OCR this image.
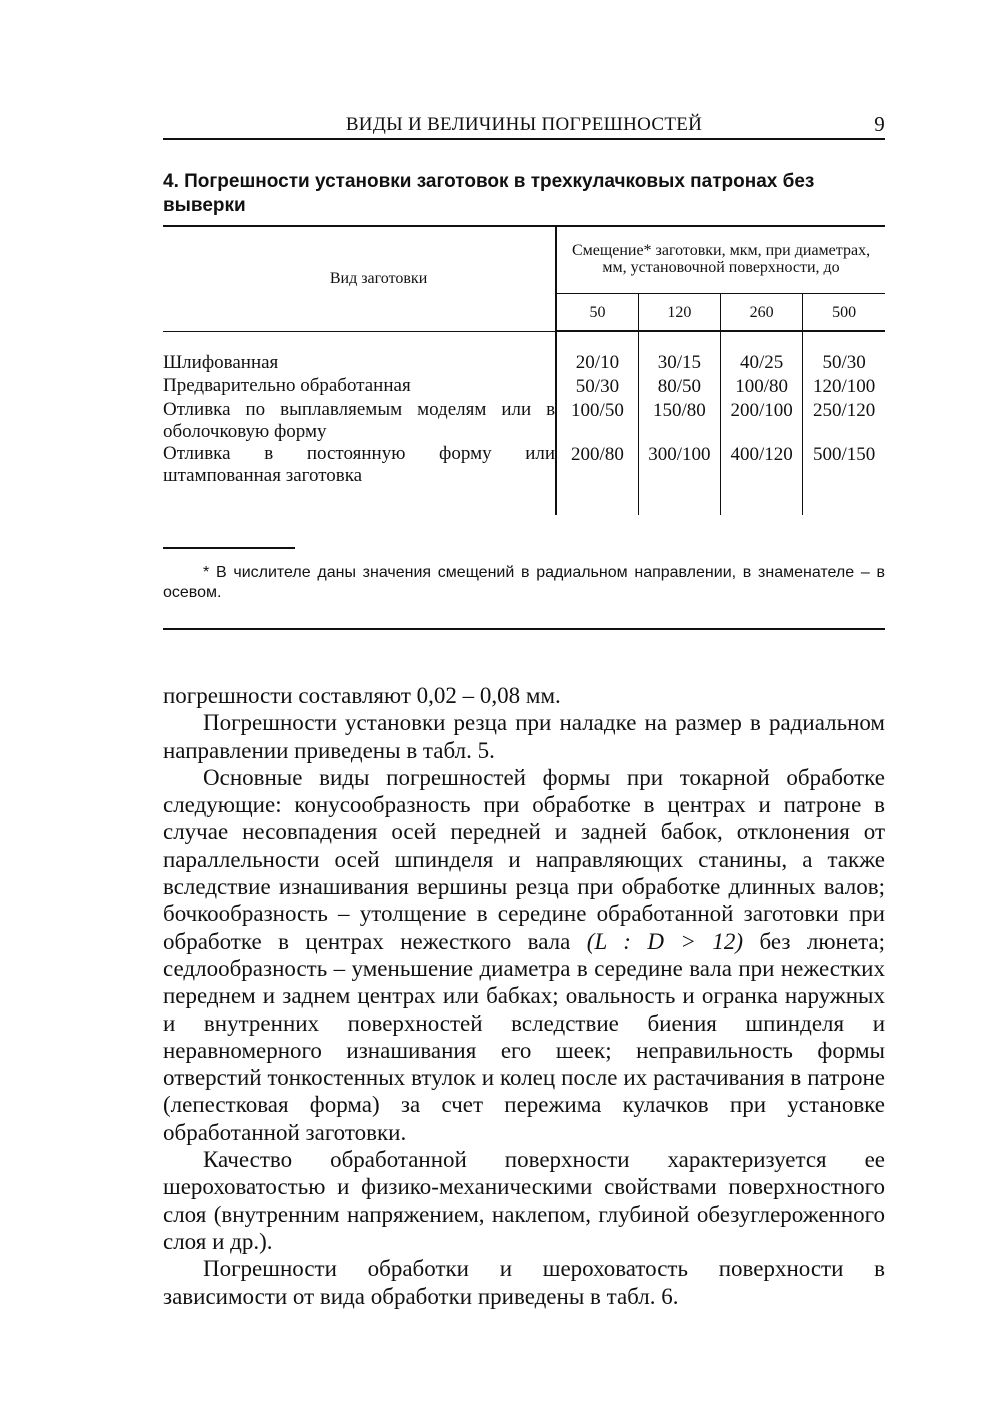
ВИДЫ И ВЕЛИЧИНЫ ПОГРЕШНОСТЕЙ	9
4. Погрешности установки заготовок в трехкулачковых патронах без выверки
Вид заготовки	Смещение* заготовки, мкм, при диаметрах, мм, установочной поверхности, до			
	50	120	260	500
Шлифованная	20/10	30/15	40/25	50/30
Предварительно обработанная	50/30	80/50	100/80	120/100
Отливка по выплавляемым моделям или в оболочковую форму	100/50	150/80	200/100	250/120
Отливка в постоянную форму или штампованная заготовка	200/80	300/100	400/120	500/150

* В числителе даны значения смещений в радиальном направлении, в знаменателе – в осевом.

погрешности составляют 0,02 – 0,08 мм.

Погрешности установки резца при наладке на размер в радиальном направлении приведены в табл. 5.

Основные виды погрешностей формы при токарной обработке следующие: конусообразность при обработке в центрах и патроне в случае несовпадения осей передней и задней бабок, отклонения от параллельности осей шпинделя и направляющих станины, а также вследствие изнашивания вершины резца при обработке длинных валов; бочкообразность – утолщение в середине обработанной заготовки при обработке в центрах нежесткого вала (L : D > 12) без люнета; седлообразность – уменьшение диаметра в середине вала при нежестких переднем и заднем центрах или бабках; овальность и огранка наружных и внутренних поверхностей вследствие биения шпинделя и неравномерного изнашивания его шеек; неправильность формы отверстий тонкостенных втулок и колец после их растачивания в патроне (лепестковая форма) за счет пережима кулачков при установке обработанной заготовки.

Качество обработанной поверхности характеризуется ее шероховатостью и физико-механическими свойствами поверхностного слоя (внутренним напряжением, наклепом, глубиной обезуглероженного слоя и др.).

Погрешности обработки и шероховатость поверхности в зависимости от вида обработки приведены в табл. 6.
